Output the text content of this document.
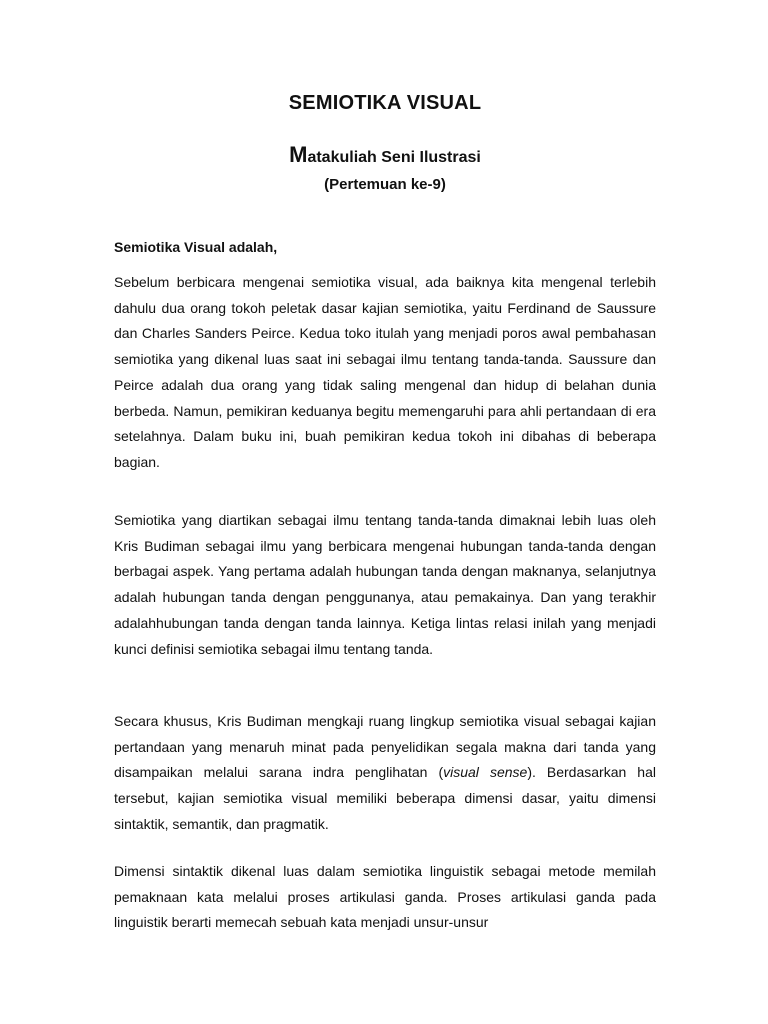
SEMIOTIKA VISUAL
Matakuliah Seni Ilustrasi
(Pertemuan ke-9)
Semiotika Visual adalah,

Sebelum berbicara mengenai semiotika visual, ada baiknya kita mengenal terlebih dahulu dua orang tokoh peletak dasar kajian semiotika, yaitu Ferdinand de Saussure dan Charles Sanders Peirce. Kedua toko itulah yang menjadi poros awal pembahasan semiotika yang dikenal luas saat ini sebagai ilmu tentang tanda-tanda. Saussure dan Peirce adalah dua orang yang tidak saling mengenal dan hidup di belahan dunia berbeda. Namun, pemikiran keduanya begitu memengaruhi para ahli pertandaan di era setelahnya. Dalam buku ini, buah pemikiran kedua tokoh ini dibahas di beberapa bagian.

Semiotika yang diartikan sebagai ilmu tentang tanda-tanda dimaknai lebih luas oleh Kris Budiman sebagai ilmu yang berbicara mengenai hubungan tanda-tanda dengan berbagai aspek. Yang pertama adalah hubungan tanda dengan maknanya, selanjutnya adalah hubungan tanda dengan penggunanya, atau pemakainya. Dan yang terakhir adalahhubungan tanda dengan tanda lainnya. Ketiga lintas relasi inilah yang menjadi kunci definisi semiotika sebagai ilmu tentang tanda.

Secara khusus, Kris Budiman mengkaji ruang lingkup semiotika visual sebagai kajian pertandaan yang menaruh minat pada penyelidikan segala makna dari tanda yang disampaikan melalui sarana indra penglihatan (visual sense). Berdasarkan hal tersebut, kajian semiotika visual memiliki beberapa dimensi dasar, yaitu dimensi sintaktik, semantik, dan pragmatik.

Dimensi sintaktik dikenal luas dalam semiotika linguistik sebagai metode memilah pemaknaan kata melalui proses artikulasi ganda. Proses artikulasi ganda pada linguistik berarti memecah sebuah kata menjadi unsur-unsur
